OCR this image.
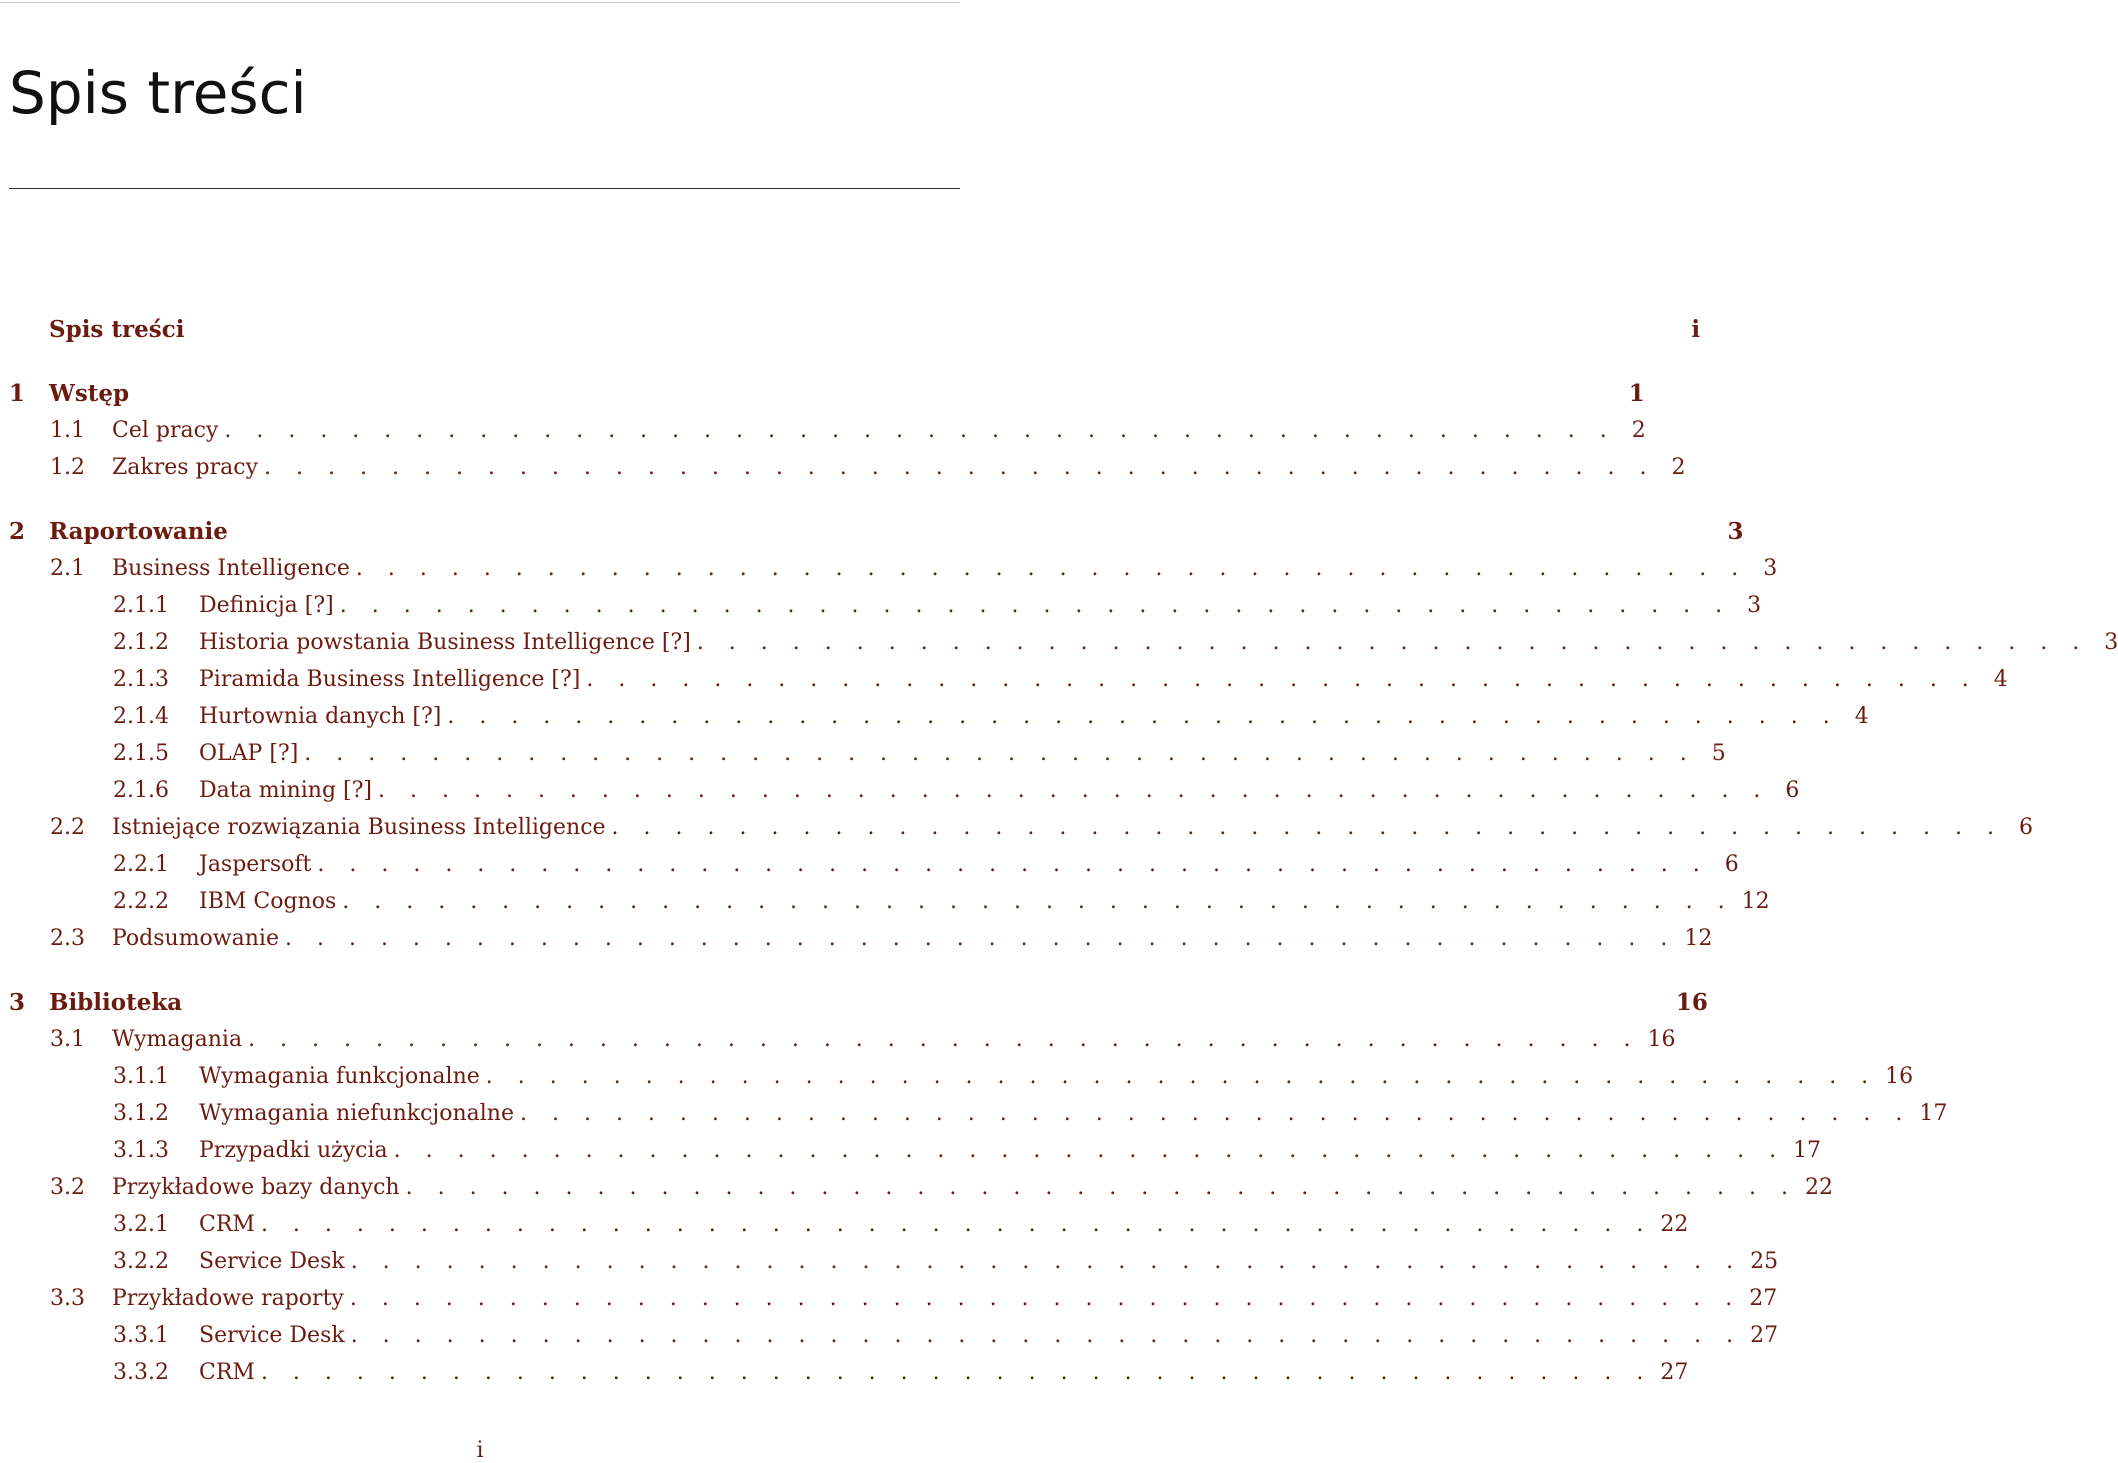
Spis treści
Spis treści	i
1	Wstęp	1
1.1	Cel pracy . . . . . . . . . . . . . . . . . . . . . . . . . . . . . . . . . . . . . . . . . . . . 2
1.2	Zakres pracy . . . . . . . . . . . . . . . . . . . . . . . . . . . . . . . . . . . . . . . . . . . . 2
2	Raportowanie	3
2.1	Business Intelligence . . . . . . . . . . . . . . . . . . . . . . . . . . . . . . . . . . . . . . . . . . . . 3
2.1.1	Definicja [?] . . . . . . . . . . . . . . . . . . . . . . . . . . . . . . . . . . . . . . . . . . . . 3
2.1.2	Historia powstania Business Intelligence [?] . . . . . . . . . . . . . . . . . . . . . . . . . . . . . . . . . . . . . . . . . . . . 3
2.1.3	Piramida Business Intelligence [?] . . . . . . . . . . . . . . . . . . . . . . . . . . . . . . . . . . . . . . . . . . . . 4
2.1.4	Hurtownia danych [?] . . . . . . . . . . . . . . . . . . . . . . . . . . . . . . . . . . . . . . . . . . . . 4
2.1.5	OLAP [?] . . . . . . . . . . . . . . . . . . . . . . . . . . . . . . . . . . . . . . . . . . . . 5
2.1.6	Data mining [?] . . . . . . . . . . . . . . . . . . . . . . . . . . . . . . . . . . . . . . . . . . . . 6
2.2	Istniejące rozwiązania Business Intelligence . . . . . . . . . . . . . . . . . . . . . . . . . . . . . . . . . . . . . . . . . . . . 6
2.2.1	Jaspersoft . . . . . . . . . . . . . . . . . . . . . . . . . . . . . . . . . . . . . . . . . . . . 6
2.2.2	IBM Cognos . . . . . . . . . . . . . . . . . . . . . . . . . . . . . . . . . . . . . . . . . . . . 12
2.3	Podsumowanie . . . . . . . . . . . . . . . . . . . . . . . . . . . . . . . . . . . . . . . . . . . . 12
3	Biblioteka	16
3.1	Wymagania . . . . . . . . . . . . . . . . . . . . . . . . . . . . . . . . . . . . . . . . . . . . 16
3.1.1	Wymagania funkcjonalne . . . . . . . . . . . . . . . . . . . . . . . . . . . . . . . . . . . . . . . . . . . . 16
3.1.2	Wymagania niefunkcjonalne . . . . . . . . . . . . . . . . . . . . . . . . . . . . . . . . . . . . . . . . . . . . 17
3.1.3	Przypadki użycia . . . . . . . . . . . . . . . . . . . . . . . . . . . . . . . . . . . . . . . . . . . . 17
3.2	Przykładowe bazy danych . . . . . . . . . . . . . . . . . . . . . . . . . . . . . . . . . . . . . . . . . . . . 22
3.2.1	CRM . . . . . . . . . . . . . . . . . . . . . . . . . . . . . . . . . . . . . . . . . . . . 22
3.2.2	Service Desk . . . . . . . . . . . . . . . . . . . . . . . . . . . . . . . . . . . . . . . . . . . . 25
3.3	Przykładowe raporty . . . . . . . . . . . . . . . . . . . . . . . . . . . . . . . . . . . . . . . . . . . . 27
3.3.1	Service Desk . . . . . . . . . . . . . . . . . . . . . . . . . . . . . . . . . . . . . . . . . . . . 27
3.3.2	CRM . . . . . . . . . . . . . . . . . . . . . . . . . . . . . . . . . . . . . . . . . . . . 27
i
